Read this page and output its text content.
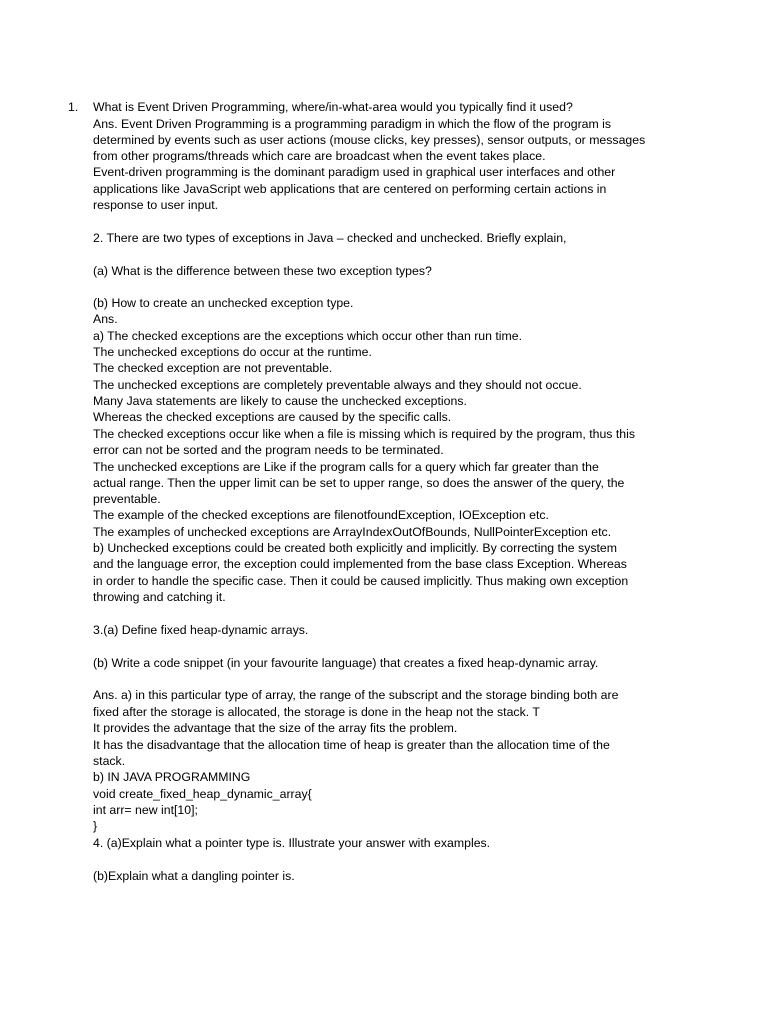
1. What is Event Driven Programming, where/in-what-area would you typically find it used?
Ans. Event Driven Programming is a programming paradigm in which the flow of the program is
determined by events such as user actions (mouse clicks, key presses), sensor outputs, or messages
from other programs/threads which care are broadcast when the event takes place.
Event-driven programming is the dominant paradigm used in graphical user interfaces and other
applications like JavaScript web applications that are centered on performing certain actions in
response to user input.
2. There are two types of exceptions in Java – checked and unchecked. Briefly explain,
(a) What is the difference between these two exception types?
(b) How to create an unchecked exception type.
Ans.
a) The checked exceptions are the exceptions which occur other than run time.
The unchecked exceptions do occur at the runtime.
The checked exception are not preventable.
The unchecked exceptions are completely preventable always and they should not occue.
Many Java statements are likely to cause the unchecked exceptions.
Whereas the checked exceptions are caused by the specific calls.
The checked exceptions occur like when a file is missing which is required by the program, thus this
error can not be sorted and the program needs to be terminated.
The unchecked exceptions are Like if the program calls for a query which far greater than the
actual range. Then the upper limit can be set to upper range, so does the answer of the query, the
preventable.
The example of the checked exceptions are filenotfoundException, IOException etc.
The examples of unchecked exceptions are ArrayIndexOutOfBounds, NullPointerException etc.
b) Unchecked exceptions could be created both explicitly and implicitly. By correcting the system
and the language error, the exception could implemented from the base class Exception. Whereas
in order to handle the specific case. Then it could be caused implicitly. Thus making own exception
throwing and catching it.
3.(a) Define fixed heap-dynamic arrays.
(b) Write a code snippet (in your favourite language) that creates a fixed heap-dynamic array.
Ans. a) in this particular type of array, the range of the subscript and the storage binding both are
fixed after the storage is allocated, the storage is done in the heap not the stack. T
It provides the advantage that the size of the array fits the problem.
It has the disadvantage that the allocation time of heap is greater than the allocation time of the
stack.
b) IN JAVA PROGRAMMING
void create_fixed_heap_dynamic_array{
int arr= new int[10];
}
4. (a)Explain what a pointer type is. Illustrate your answer with examples.
(b)Explain what a dangling pointer is.
